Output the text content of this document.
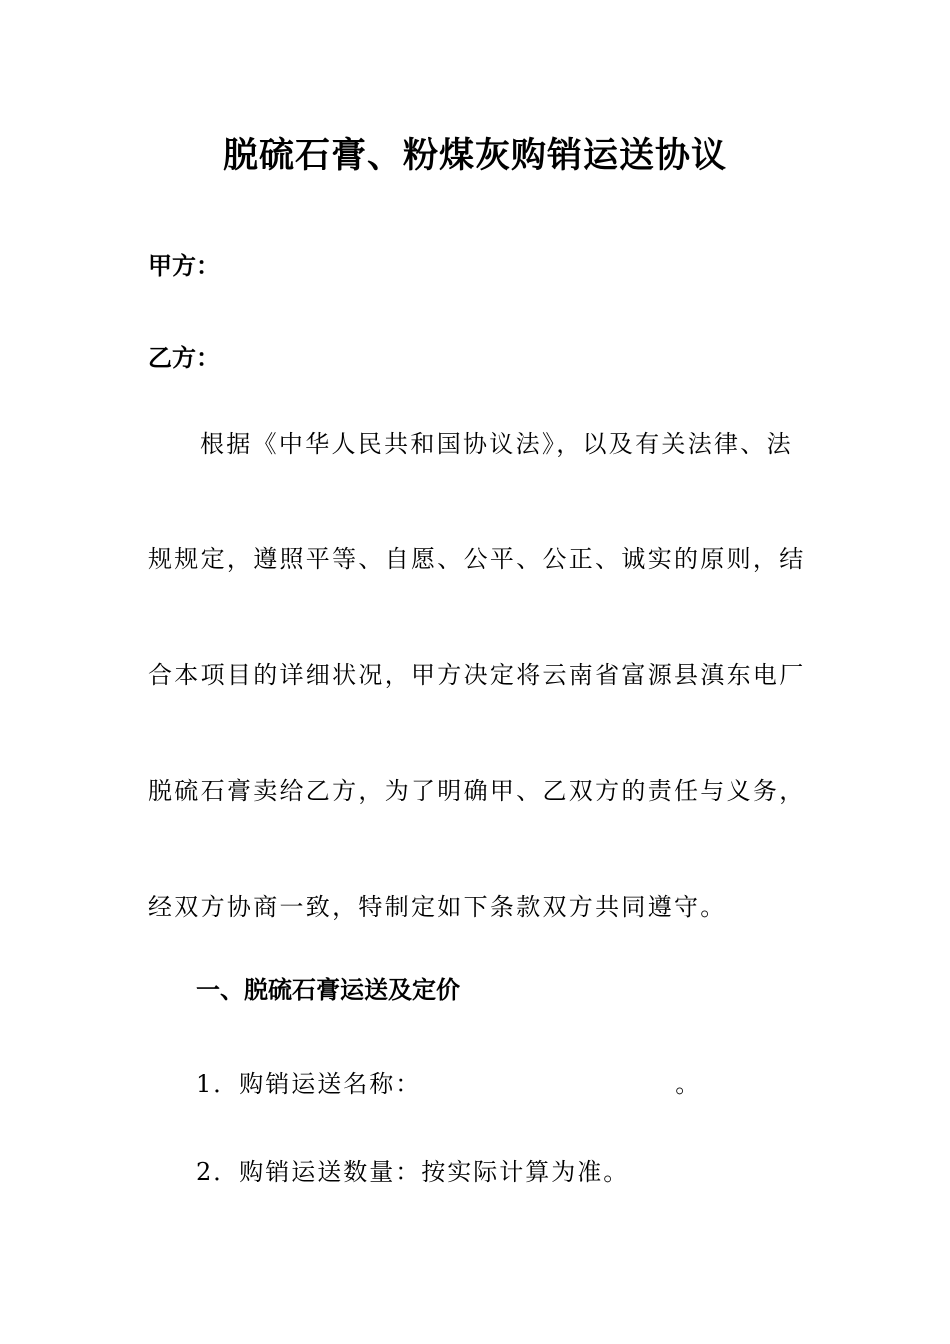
脱硫石膏、粉煤灰购销运送协议
甲方：
乙方：
根据《中华人民共和国协议法》，以及有关法律、法
规规定，遵照平等、自愿、公平、公正、诚实的原则，结
合本项目的详细状况，甲方决定将云南省富源县滇东电厂
脱硫石膏卖给乙方，为了明确甲、乙双方的责任与义务，
经双方协商一致，特制定如下条款双方共同遵守。
一、脱硫石膏运送及定价
1．购销运送名称：	。
2．购销运送数量：按实际计算为准。
